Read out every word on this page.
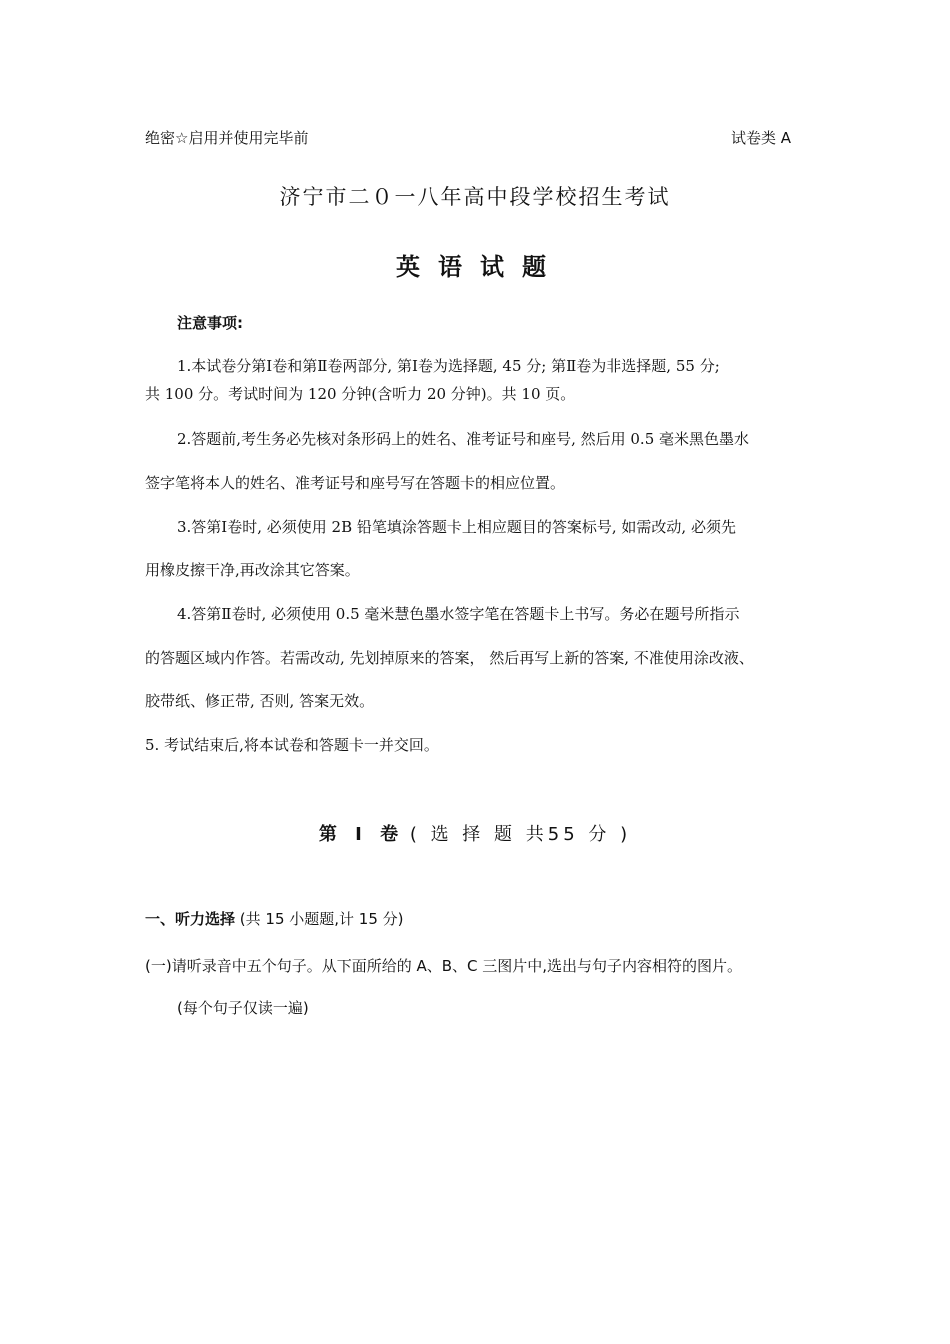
绝密☆启用并使用完毕前	试卷类 A
济宁市二０一八年高中段学校招生考试
英语试题
注意事项:
1.本试卷分第Ⅰ卷和第Ⅱ卷两部分, 第Ⅰ卷为选择题, 45 分; 第Ⅱ卷为非选择题, 55 分;
共 100 分。考试时间为 120 分钟(含听力 20 分钟)。共 10 页。
2.答题前,考生务必先核对条形码上的姓名、准考证号和座号, 然后用 0.5 毫米黑色墨水
签字笔将本人的姓名、准考证号和座号写在答题卡的相应位置。
3.答第Ⅰ卷时, 必须使用 2B 铅笔填涂答题卡上相应题目的答案标号, 如需改动, 必须先
用橡皮擦干净,再改涂其它答案。
4.答第Ⅱ卷时, 必须使用 0.5 毫米慧色墨水签字笔在答题卡上书写。务必在题号所指示
的答题区域内作答。若需改动, 先划掉原来的答案， 然后再写上新的答案, 不准使用涂改液、
胶带纸、修正带, 否则, 答案无效。
5. 考试结束后,将本试卷和答题卡一并交回。
第 Ⅰ 卷 ( 选 择 题 共55 分 )
一、听力选择 (共 15 小题题,计 15 分)
(一)请听录音中五个句子。从下面所给的 A、B、C 三图片中,选出与句子内容相符的图片。
(每个句子仅读一遍)
